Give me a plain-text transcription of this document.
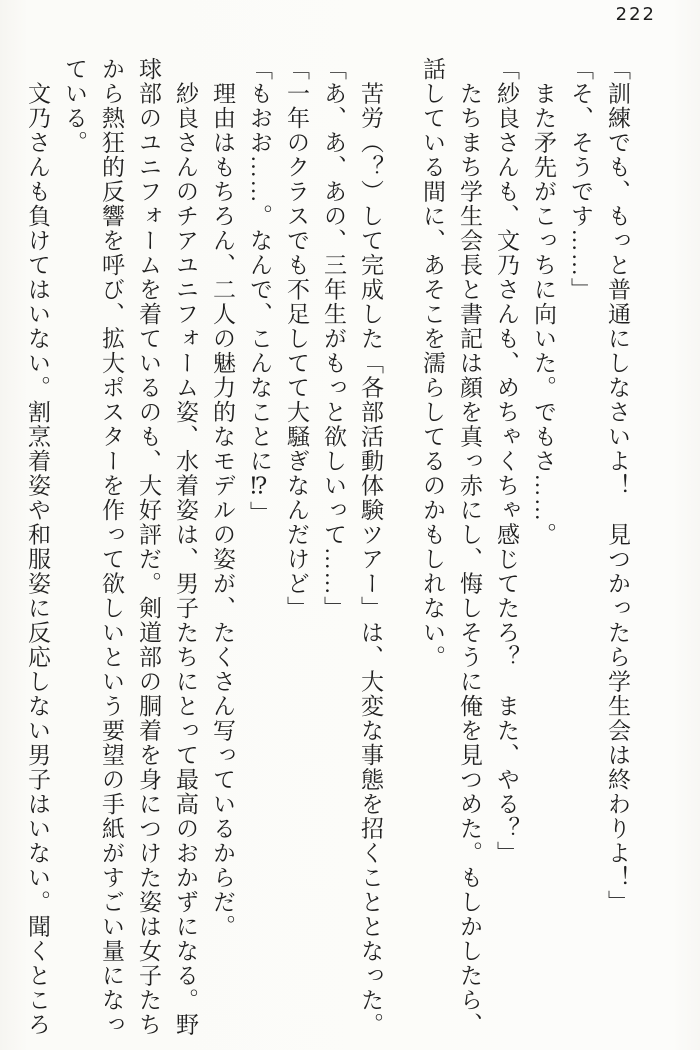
222

「訓練でも、もっと普通にしなさいよ！　見つかったら学生会は終わりよ！」

「そ、そうです……」

　また矛先がこっちに向いた。でもさ……。

「紗良さんも、文乃さんも、めちゃくちゃ感じてたろ？　また、やる？」

　たちまち学生会長と書記は顔を真っ赤にし、悔しそうに俺を見つめた。もしかしたら、

話している間に、あそこを濡らしてるのかもしれない。

　苦労（？）して完成した「各部活動体験ツアー」は、大変な事態を招くこととなった。

「あ、あ、あの、三年生がもっと欲しいって……」

「一年のクラスでも不足してて大騒ぎなんだけど」

「もおお……。なんで、こんなことに⁉」

　理由はもちろん、二人の魅力的なモデルの姿が、たくさん写っているからだ。

　紗良さんのチアユニフォーム姿、水着姿は、男子たちにとって最高のおかずになる。野

球部のユニフォームを着ているのも、大好評だ。剣道部の胴着を身につけた姿は女子たち

から熱狂的反響を呼び、拡大ポスターを作って欲しいという要望の手紙がすごい量になっ

ている。

　文乃さんも負けてはいない。割烹着姿や和服姿に反応しない男子はいない。聞くところ
